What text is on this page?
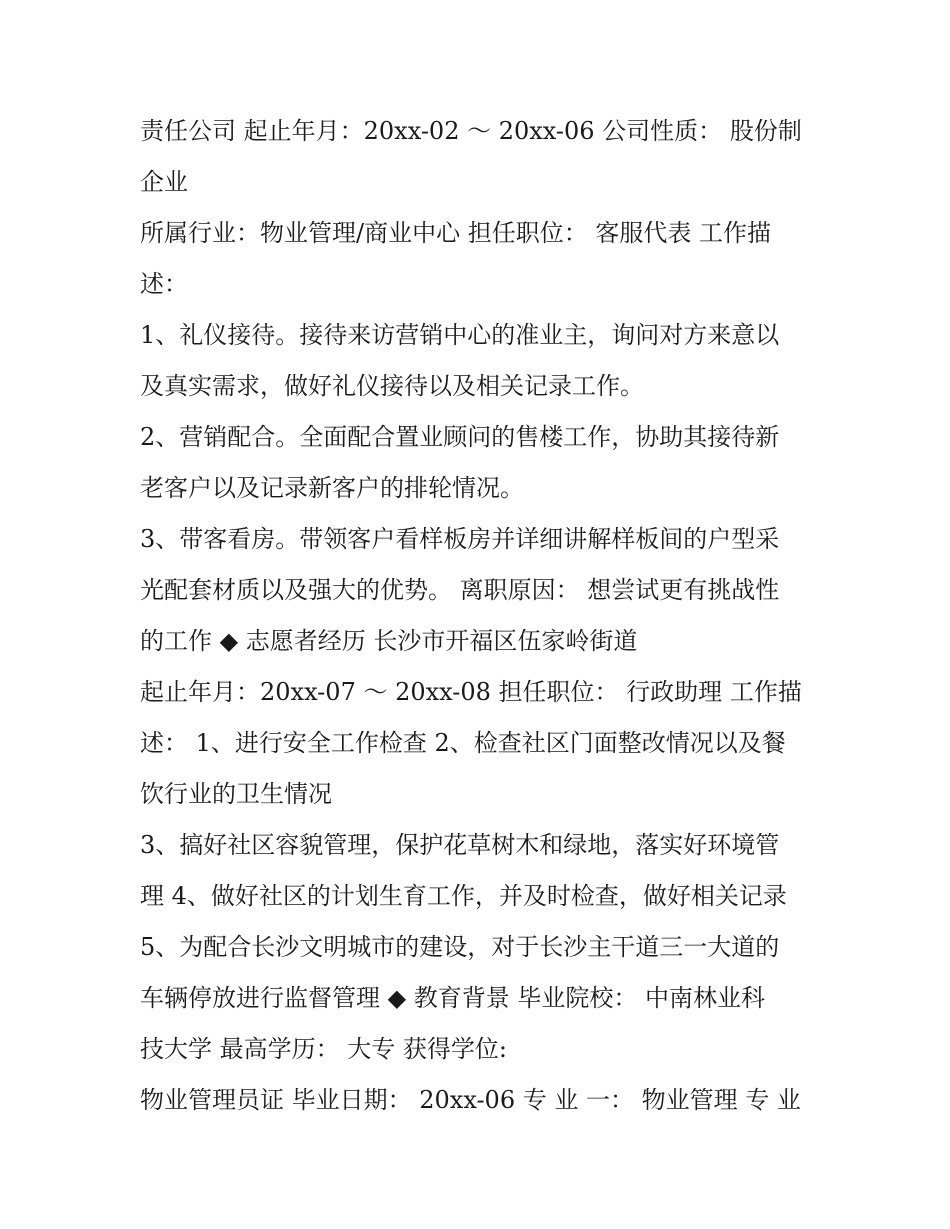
责任公司 起止年月：20xx-02 ～ 20xx-06 公司性质： 股份制
企业
所属行业：物业管理/商业中心 担任职位： 客服代表 工作描
述：
1、礼仪接待。接待来访营销中心的准业主，询问对方来意以
及真实需求，做好礼仪接待以及相关记录工作。
2、营销配合。全面配合置业顾问的售楼工作，协助其接待新
老客户以及记录新客户的排轮情况。
3、带客看房。带领客户看样板房并详细讲解样板间的户型采
光配套材质以及强大的优势。 离职原因： 想尝试更有挑战性
的工作 ◆ 志愿者经历 长沙市开福区伍家岭街道
起止年月：20xx-07 ～ 20xx-08 担任职位： 行政助理 工作描
述： 1、进行安全工作检查 2、检查社区门面整改情况以及餐
饮行业的卫生情况
3、搞好社区容貌管理，保护花草树木和绿地，落实好环境管
理 4、做好社区的计划生育工作，并及时检查，做好相关记录
5、为配合长沙文明城市的建设，对于长沙主干道三一大道的
车辆停放进行监督管理 ◆ 教育背景 毕业院校： 中南林业科
技大学 最高学历： 大专 获得学位:
物业管理员证 毕业日期： 20xx-06 专 业 一： 物业管理 专 业
